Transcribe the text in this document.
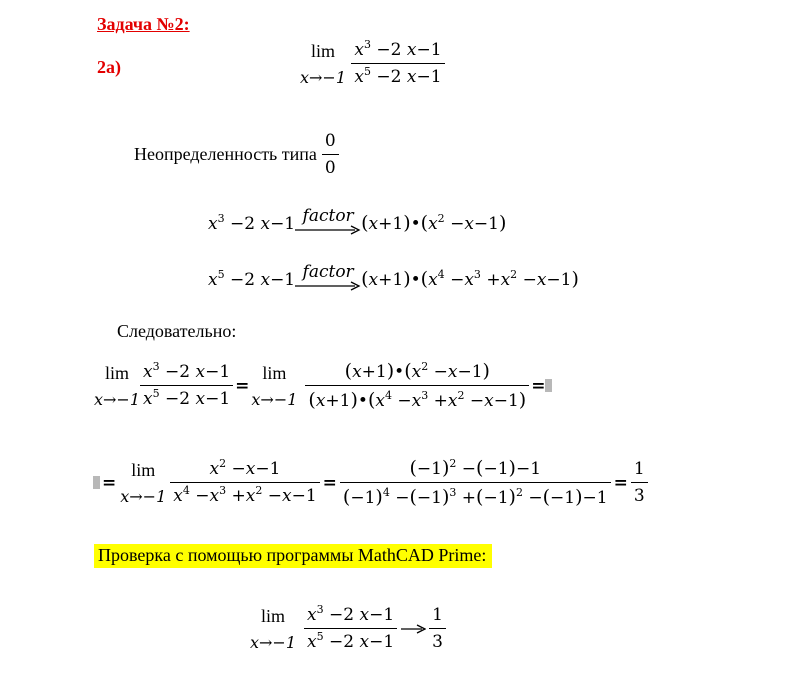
Задача №2:
2а)
lim
x→−1
$\frac{x^3 -2 x-1}{x^5 -2 x-1}$
Неопределенность типа $\frac{0}{0}$
$x^3 -2$ x−1 factor $(x+1)•(x^2 -x-1)$
$x^5 -2$ x−1 factor $(x+1)•(x^4 -x^3 +x^2 -x-1)$
Следовательно:
lim
$x\to-1 \frac{x^3 -2 x-1}{x^5 -2 x-1}$ =
lim
$x\to-1 \frac{(x+1)•(x^2 -x-1)}{(x+1)•(x^4 -x^3 +x^2 -x-1)}$ =
=
lim
$x\to-1 \frac{x^2 -x-1}{x^4 -x^3 +x^2 -x-1} = \frac{(-1)^2 -(-1)-1}{(-1)^4 -(-1)^3 +(-1)^2 -(-1)-1} = \frac{1}{3}$
Проверка с помощью программы MathCAD Prime:
lim
$x\to-1 \frac{x^3 -2 x-1}{x^5 -2 x-1} \frac{1}{3}$
